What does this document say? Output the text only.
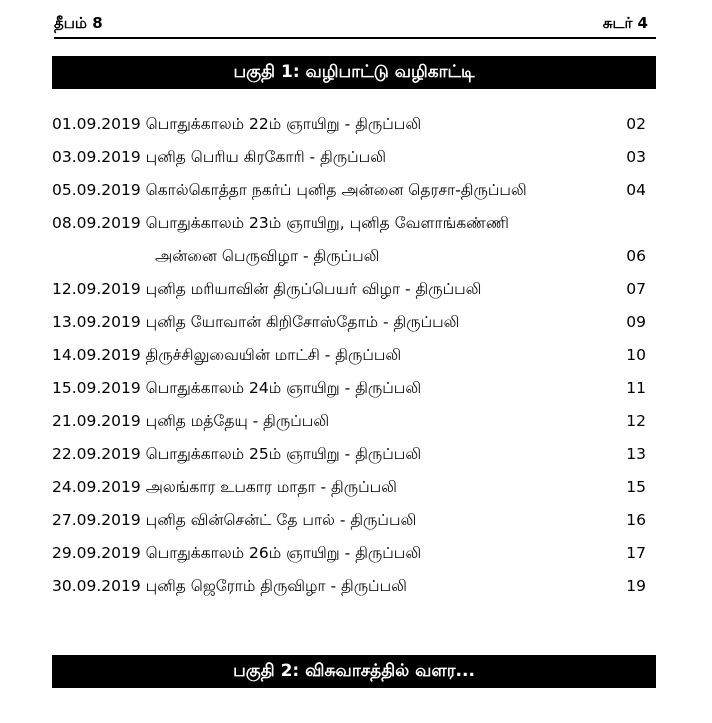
தீபம் 8	சுடர் 4
பகுதி 1: வழிபாட்டு வழிகாட்டி
01.09.2019 பொதுக்காலம் 22ம் ஞாயிறு - திருப்பலி	02
03.09.2019 புனித பெரிய கிரகோரி - திருப்பலி	03
05.09.2019 கொல்கொத்தா நகர்ப் புனித அன்னை தெரசா-திருப்பலி	04
08.09.2019 பொதுக்காலம் 23ம் ஞாயிறு, புனித வேளாங்கண்ணி
அன்னை பெருவிழா - திருப்பலி	06
12.09.2019 புனித மரியாவின் திருப்பெயர் விழா - திருப்பலி	07
13.09.2019 புனித யோவான் கிறிசோஸ்தோம் - திருப்பலி	09
14.09.2019 திருச்சிலுவையின் மாட்சி - திருப்பலி	10
15.09.2019 பொதுக்காலம் 24ம் ஞாயிறு - திருப்பலி	11
21.09.2019 புனித மத்தேயு - திருப்பலி	12
22.09.2019 பொதுக்காலம் 25ம் ஞாயிறு - திருப்பலி	13
24.09.2019 அலங்கார உபகார மாதா - திருப்பலி	15
27.09.2019 புனித வின்சென்ட் தே பால் - திருப்பலி	16
29.09.2019 பொதுக்காலம் 26ம் ஞாயிறு - திருப்பலி	17
30.09.2019 புனித ஜெரோம் திருவிழா - திருப்பலி	19
பகுதி 2: விசுவாசத்தில் வளர...
